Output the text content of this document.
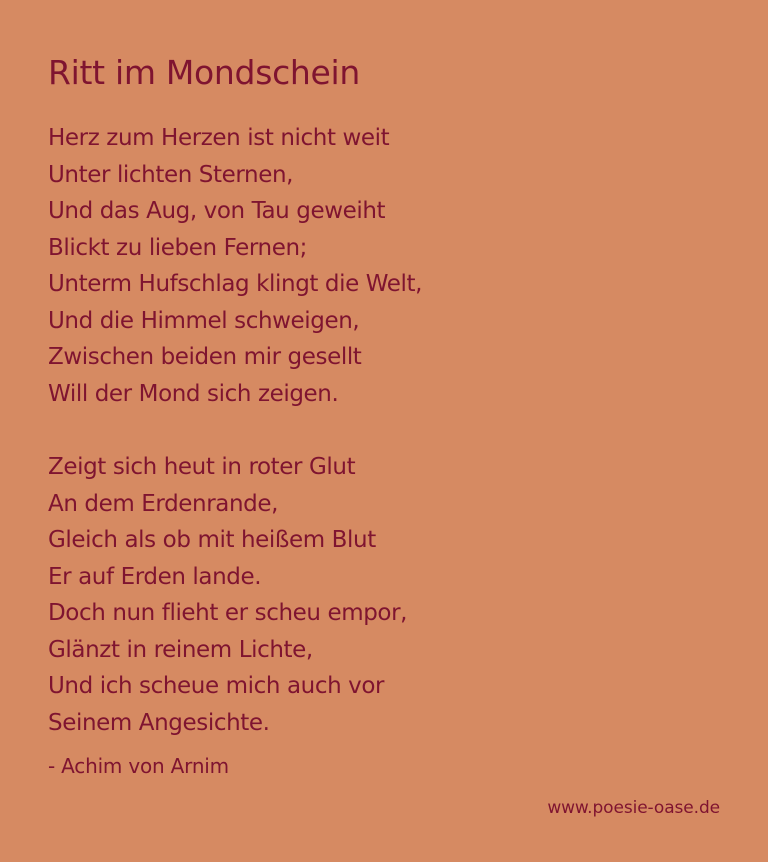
Ritt im Mondschein
Herz zum Herzen ist nicht weit
Unter lichten Sternen,
Und das Aug, von Tau geweiht
Blickt zu lieben Fernen;
Unterm Hufschlag klingt die Welt,
Und die Himmel schweigen,
Zwischen beiden mir gesellt
Will der Mond sich zeigen.
Zeigt sich heut in roter Glut
An dem Erdenrande,
Gleich als ob mit heißem Blut
Er auf Erden lande.
Doch nun flieht er scheu empor,
Glänzt in reinem Lichte,
Und ich scheue mich auch vor
Seinem Angesichte.

- Achim von Arnim

www.poesie-oase.de
